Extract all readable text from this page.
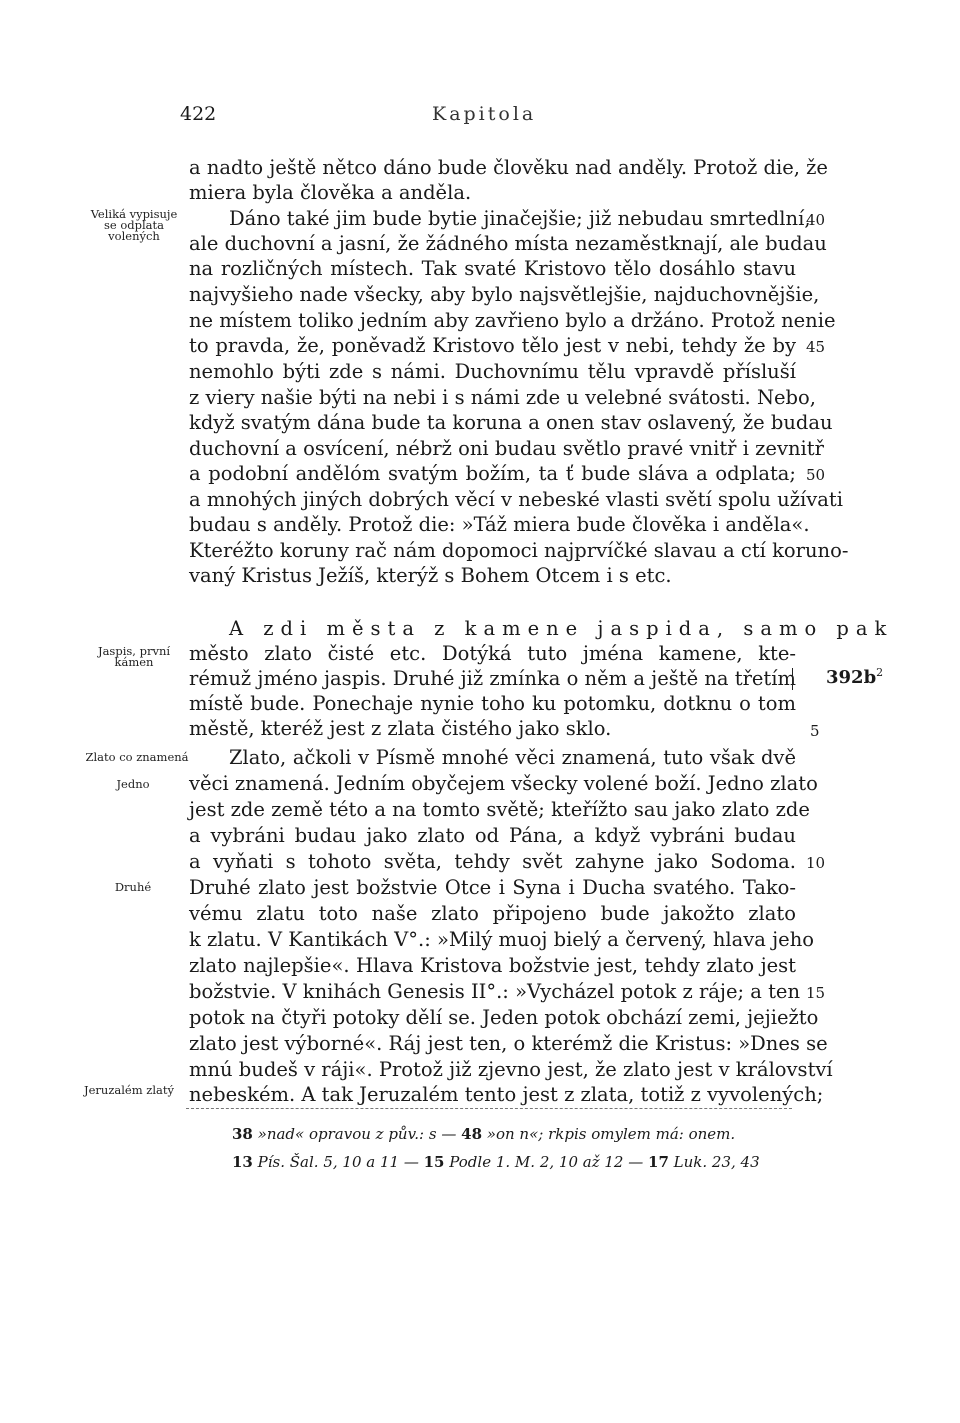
422	Kapitola
a nadto ještě nětco dáno bude člověku nad anděly. Protož die, že
miera byla člověka a anděla.
Dáno také jim bude bytie jinačejšie; již nebudau smrtedlní,
ale duchovní a jasní, že žádného místa nezaměstknají, ale budau
na rozličných místech. Tak svaté Kristovo tělo dosáhlo stavu
najvyšieho nade všecky, aby bylo najsvětlejšie, najduchovnějšie,
ne místem toliko jedním aby zavřieno bylo a držáno. Protož nenie
to pravda, že, poněvadž Kristovo tělo jest v nebi, tehdy že by
nemohlo býti zde s námi. Duchovnímu tělu vpravdě přísluší
z viery našie býti na nebi i s námi zde u velebné svátosti. Nebo,
když svatým dána bude ta koruna a onen stav oslavený, že budau
duchovní a osvícení, nébrž oni budau světlo pravé vnitř i zevnitř
a podobní andělóm svatým božím, ta ť bude sláva a odplata;
a mnohých jiných dobrých věcí v nebeské vlasti světí spolu užívati
budau s anděly. Protož die: »Táž miera bude člověka i anděla«.
Kteréžto koruny rač nám dopomoci najprvíčké slavau a ctí koruno-
vaný Kristus Ježíš, kterýž s Bohem Otcem i s etc.
A zdi města z kamene jaspida, samo pak
město zlato čisté etc. Dotýká tuto jména kamene, kte-
rémuž jméno jaspis. Druhé již zmínka o něm a ještě na třetím
místě bude. Ponechaje nynie toho ku potomku, dotknu o tom
městě, kteréž jest z zlata čistého jako sklo.
Zlato, ačkoli v Písmě mnohé věci znamená, tuto však dvě
věci znamená. Jedním obyčejem všecky volené boží. Jedno zlato
jest zde země této a na tomto světě; kteřížto sau jako zlato zde
a vybráni budau jako zlato od Pána, a když vybráni budau
a vyňati s tohoto světa, tehdy svět zahyne jako Sodoma.
Druhé zlato jest božstvie Otce i Syna i Ducha svatého. Tako-
vému zlatu toto naše zlato připojeno bude jakožto zlato
k zlatu. V Kantikách V°.: »Milý muoj bielý a červený, hlava jeho
zlato najlepšie«. Hlava Kristova božstvie jest, tehdy zlato jest
božstvie. V knihách Genesis II°.: »Vycházel potok z ráje; a ten
potok na čtyři potoky dělí se. Jeden potok obchází zemi, jejiežto
zlato jest výborné«. Ráj jest ten, o kterémž die Kristus: »Dnes se
mnú budeš v ráji«. Protož již zjevno jest, že zlato jest v království
nebeském. A tak Jeruzalém tento jest z zlata, totiž z vyvolených;
Veliká vypisuje
se odplata
volených
Jaspis, první
kámen
Zlato co znamená
Jedno
Druhé
Jeruzalém zlatý
40
45
50
5
10
15
$392b^2$
38 »nad« opravou z pův.: s — 48 »on n«; rkpis omylem má: onem.
13 Pís. Šal. 5, 10 a 11 — 15 Podle 1. M. 2, 10 až 12 — 17 Luk. 23, 43
